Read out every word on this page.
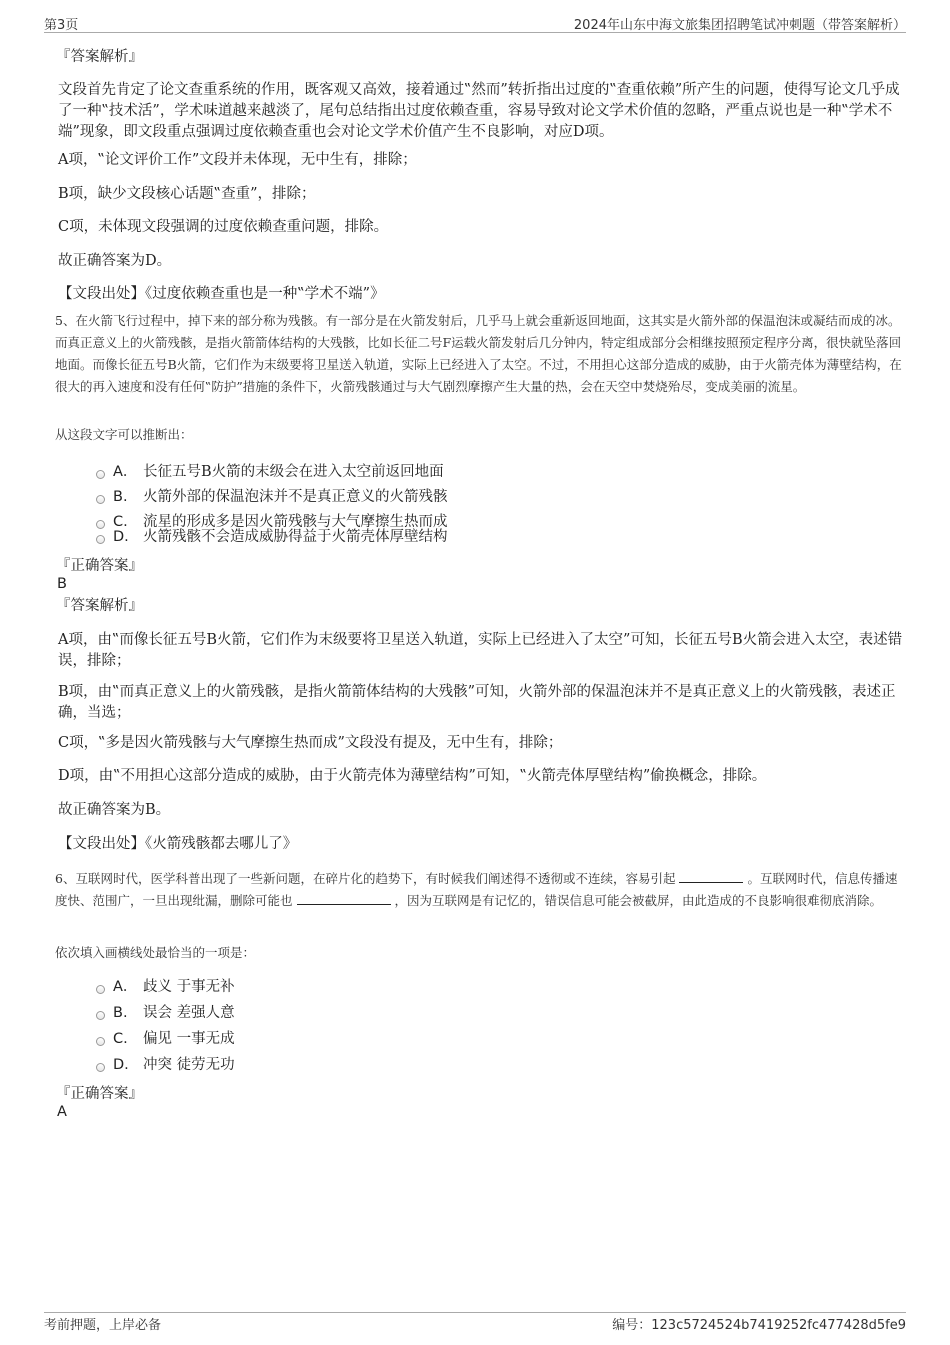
第3页	2024年山东中海文旅集团招聘笔试冲刺题（带答案解析）
『答案解析』
文段首先肯定了论文查重系统的作用，既客观又高效，接着通过‟然而”转折指出过度的‟查重依赖”所产生的问题，使得写论文几乎成了一种‟技术活”，学术味道越来越淡了，尾句总结指出过度依赖查重，容易导致对论文学术价值的忽略，严重点说也是一种‟学术不端”现象，即文段重点强调过度依赖查重也会对论文学术价值产生不良影响，对应D项。
A项，‟论文评价工作”文段并未体现，无中生有，排除；
B项，缺少文段核心话题‟查重”，排除；
C项，未体现文段强调的过度依赖查重问题，排除。
故正确答案为D。
【文段出处】《过度依赖查重也是一种‟学术不端”》
5、在火箭飞行过程中，掉下来的部分称为残骸。有一部分是在火箭发射后，几乎马上就会重新返回地面，这其实是火箭外部的保温泡沫或凝结而成的冰。而真正意义上的火箭残骸，是指火箭箭体结构的大残骸，比如长征二号F运载火箭发射后几分钟内，特定组成部分会相继按照预定程序分离，很快就坠落回地面。而像长征五号B火箭，它们作为末级要将卫星送入轨道，实际上已经进入了太空。不过，不用担心这部分造成的威胁，由于火箭壳体为薄壁结构，在很大的再入速度和没有任何‟防护”措施的条件下，火箭残骸通过与大气剧烈摩擦产生大量的热，会在天空中焚烧殆尽，变成美丽的流星。
从这段文字可以推断出：
A． 长征五号B火箭的末级会在进入太空前返回地面
B.	火箭外部的保温泡沫并不是真正意义的火箭残骸
C.	流星的形成多是因火箭残骸与大气摩擦生热而成
D. 火箭残骸不会造成威胁得益于火箭壳体厚壁结构
『正确答案』
B
『答案解析』
A项，由‟而像长征五号B火箭，它们作为末级要将卫星送入轨道，实际上已经进入了太空”可知，长征五号B火箭会进入太空，表述错误，排除；
B项，由‟而真正意义上的火箭残骸，是指火箭箭体结构的大残骸”可知，火箭外部的保温泡沫并不是真正意义上的火箭残骸，表述正确，当选；
C项，‟多是因火箭残骸与大气摩擦生热而成”文段没有提及，无中生有，排除；
D项，由‟不用担心这部分造成的威胁，由于火箭壳体为薄壁结构”可知，‟火箭壳体厚壁结构”偷换概念，排除。
故正确答案为B。
【文段出处】《火箭残骸都去哪儿了》
6、互联网时代，医学科普出现了一些新问题，在碎片化的趋势下，有时候我们阐述得不透彻或不连续，容易引起	。互联网时代，信息传播速度快、范围广，一旦出现纰漏，删除可能也	，因为互联网是有记忆的，错误信息可能会被截屏，由此造成的不良影响很难彻底消除。
依次填入画横线处最恰当的一项是：
A． 歧义 于事无补
B.	误会 差强人意
C.	偏见 一事无成
D. 冲突 徒劳无功
『正确答案』
A
考前押题，上岸必备	编号：123c5724524b7419252fc477428d5fe9
